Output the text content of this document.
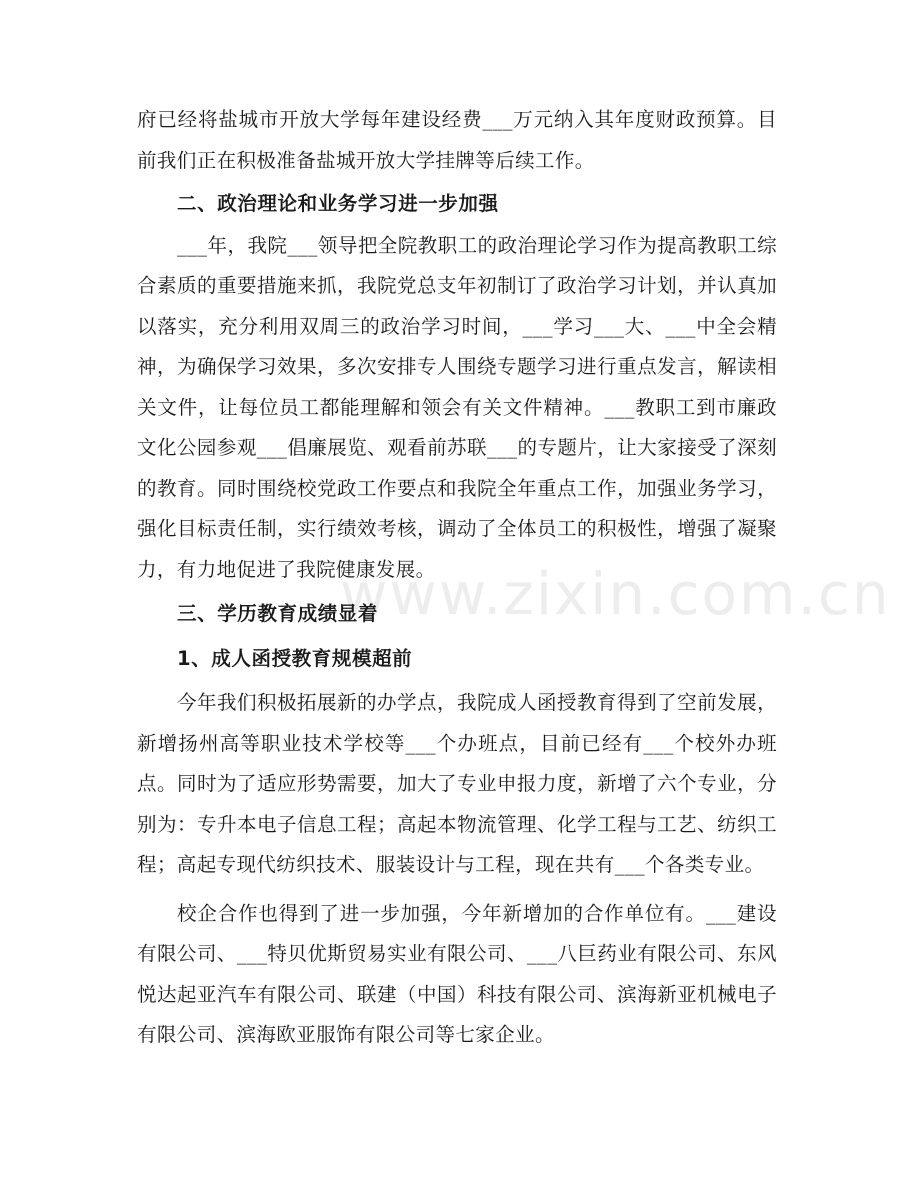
www.zixin.com.cn

府已经将盐城市开放大学每年建设经费___万元纳入其年度财政预算。目前我们正在积极准备盐城开放大学挂牌等后续工作。

二、政治理论和业务学习进一步加强

___年，我院___领导把全院教职工的政治理论学习作为提高教职工综合素质的重要措施来抓，我院党总支年初制订了政治学习计划，并认真加以落实，充分利用双周三的政治学习时间，___学习___大、___中全会精神，为确保学习效果，多次安排专人围绕专题学习进行重点发言，解读相关文件，让每位员工都能理解和领会有关文件精神。___教职工到市廉政文化公园参观___倡廉展览、观看前苏联___的专题片，让大家接受了深刻的教育。同时围绕校党政工作要点和我院全年重点工作，加强业务学习，强化目标责任制，实行绩效考核，调动了全体员工的积极性，增强了凝聚力，有力地促进了我院健康发展。

三、学历教育成绩显着

1、成人函授教育规模超前

今年我们积极拓展新的办学点，我院成人函授教育得到了空前发展，新增扬州高等职业技术学校等___个办班点，目前已经有___个校外办班点。同时为了适应形势需要，加大了专业申报力度，新增了六个专业，分别为：专升本电子信息工程；高起本物流管理、化学工程与工艺、纺织工程；高起专现代纺织技术、服装设计与工程，现在共有___个各类专业。

校企合作也得到了进一步加强，今年新增加的合作单位有。___建设有限公司、___特贝优斯贸易实业有限公司、___八巨药业有限公司、东风悦达起亚汽车有限公司、联建（中国）科技有限公司、滨海新亚机械电子有限公司、滨海欧亚服饰有限公司等七家企业。
